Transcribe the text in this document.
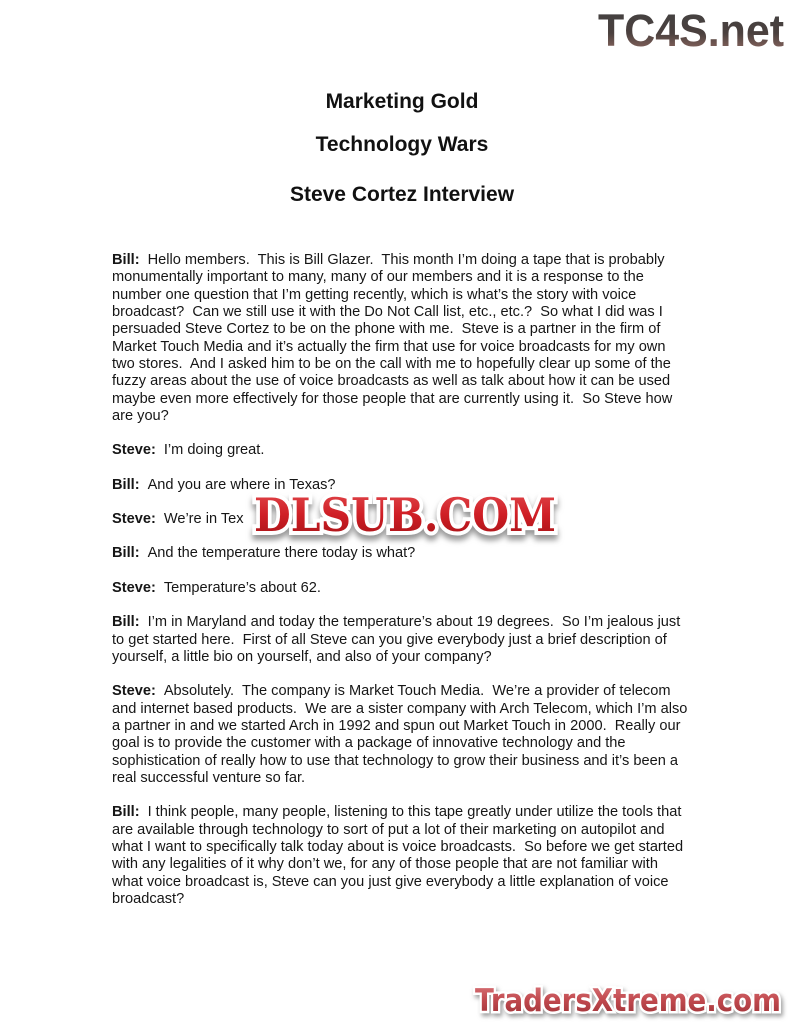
TC4S.net
Marketing Gold
Technology Wars
Steve Cortez Interview

Bill: Hello members.  This is Bill Glazer.  This month I’m doing a tape that is probably monumentally important to many, many of our members and it is a response to the number one question that I’m getting recently, which is what’s the story with voice broadcast?  Can we still use it with the Do Not Call list, etc., etc.?  So what I did was I persuaded Steve Cortez to be on the phone with me.  Steve is a partner in the firm of Market Touch Media and it’s actually the firm that use for voice broadcasts for my own two stores.  And I asked him to be on the call with me to hopefully clear up some of the fuzzy areas about the use of voice broadcasts as well as talk about how it can be used maybe even more effectively for those people that are currently using it.  So Steve how are you?

Steve: I’m doing great.

Bill: And you are where in Texas?

Steve: We’re in Tex

Bill: And the temperature there today is what?

Steve: Temperature’s about 62.

Bill: I’m in Maryland and today the temperature’s about 19 degrees.  So I’m jealous just to get started here.  First of all Steve can you give everybody just a brief description of yourself, a little bio on yourself, and also of your company?

Steve: Absolutely.  The company is Market Touch Media.  We’re a provider of telecom and internet based products.  We are a sister company with Arch Telecom, which I’m also a partner in and we started Arch in 1992 and spun out Market Touch in 2000.  Really our goal is to provide the customer with a package of innovative technology and the sophistication of really how to use that technology to grow their business and it’s been a real successful venture so far.

Bill: I think people, many people, listening to this tape greatly under utilize the tools that are available through technology to sort of put a lot of their marketing on autopilot and what I want to specifically talk today about is voice broadcasts.  So before we get started with any legalities of it why don’t we, for any of those people that are not familiar with what voice broadcast is, Steve can you just give everybody a little explanation of voice broadcast?

DLSUB.COM
TradersXtreme.com
